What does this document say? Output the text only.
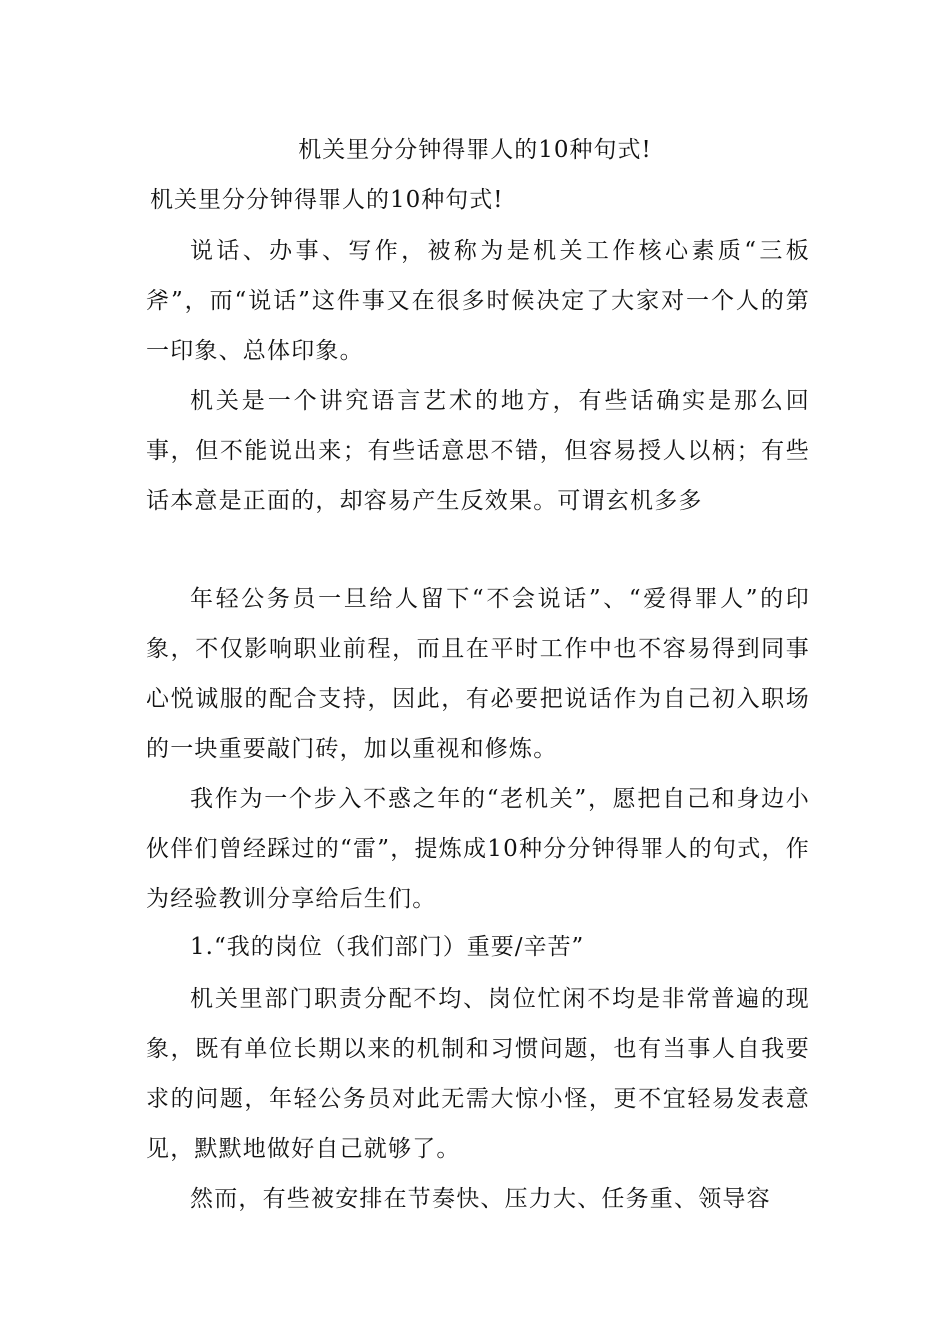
机关里分分钟得罪人的10种句式!
机关里分分钟得罪人的10种句式!

说话、办事、写作，被称为是机关工作核心素质“三板斧”，而“说话”这件事又在很多时候决定了大家对一个人的第一印象、总体印象。

机关是一个讲究语言艺术的地方，有些话确实是那么回事，但不能说出来；有些话意思不错，但容易授人以柄；有些话本意是正面的，却容易产生反效果。可谓玄机多多

年轻公务员一旦给人留下“不会说话”、“爱得罪人”的印象，不仅影响职业前程，而且在平时工作中也不容易得到同事心悦诚服的配合支持，因此，有必要把说话作为自己初入职场的一块重要敲门砖，加以重视和修炼。

我作为一个步入不惑之年的“老机关”，愿把自己和身边小伙伴们曾经踩过的“雷”，提炼成10种分分钟得罪人的句式，作为经验教训分享给后生们。

1.“我的岗位（我们部门）重要/辛苦”

机关里部门职责分配不均、岗位忙闲不均是非常普遍的现象，既有单位长期以来的机制和习惯问题，也有当事人自我要求的问题，年轻公务员对此无需大惊小怪，更不宜轻易发表意见，默默地做好自己就够了。

然而，有些被安排在节奏快、压力大、任务重、领导容
